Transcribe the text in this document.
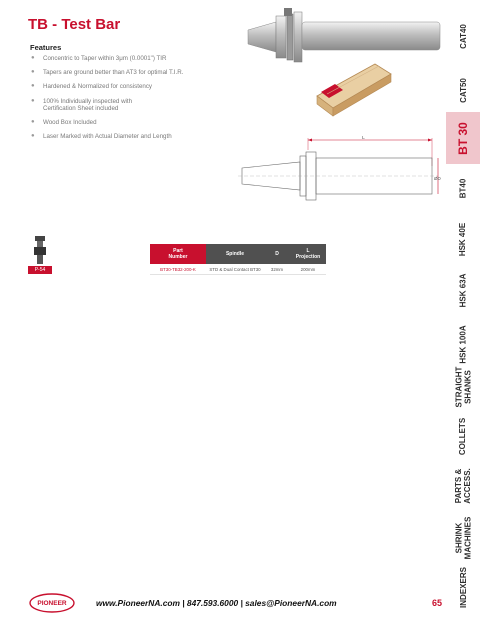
TB - Test Bar
Features
● Concentric to Taper within 3μm (0.0001") TIR
● Tapers are ground better than AT3 for optimal T.I.R.
● Hardened & Normalized for consistency
● 100% Individually inspected with
Certification Sheet included
● Wood Box Included
● Laser Marked with Actual Diameter and Length	L
ØD
P-54
Part
Number	Spindle	D	L
Projection
BT30-TB32-200-K	STD & Dual Contact BT30	32mm	200mm
CAT40
CAT50
BT 30
BT40
HSK 40E
HSK 63A
HSK 100A
STRAIGHT
SHANKS
COLLETS
PARTS &
ACCESS.
SHRINK
MACHINES
INDEXERS
PIONEER	www.PioneerNA.com | 847.593.6000 | sales@PioneerNA.com	65
